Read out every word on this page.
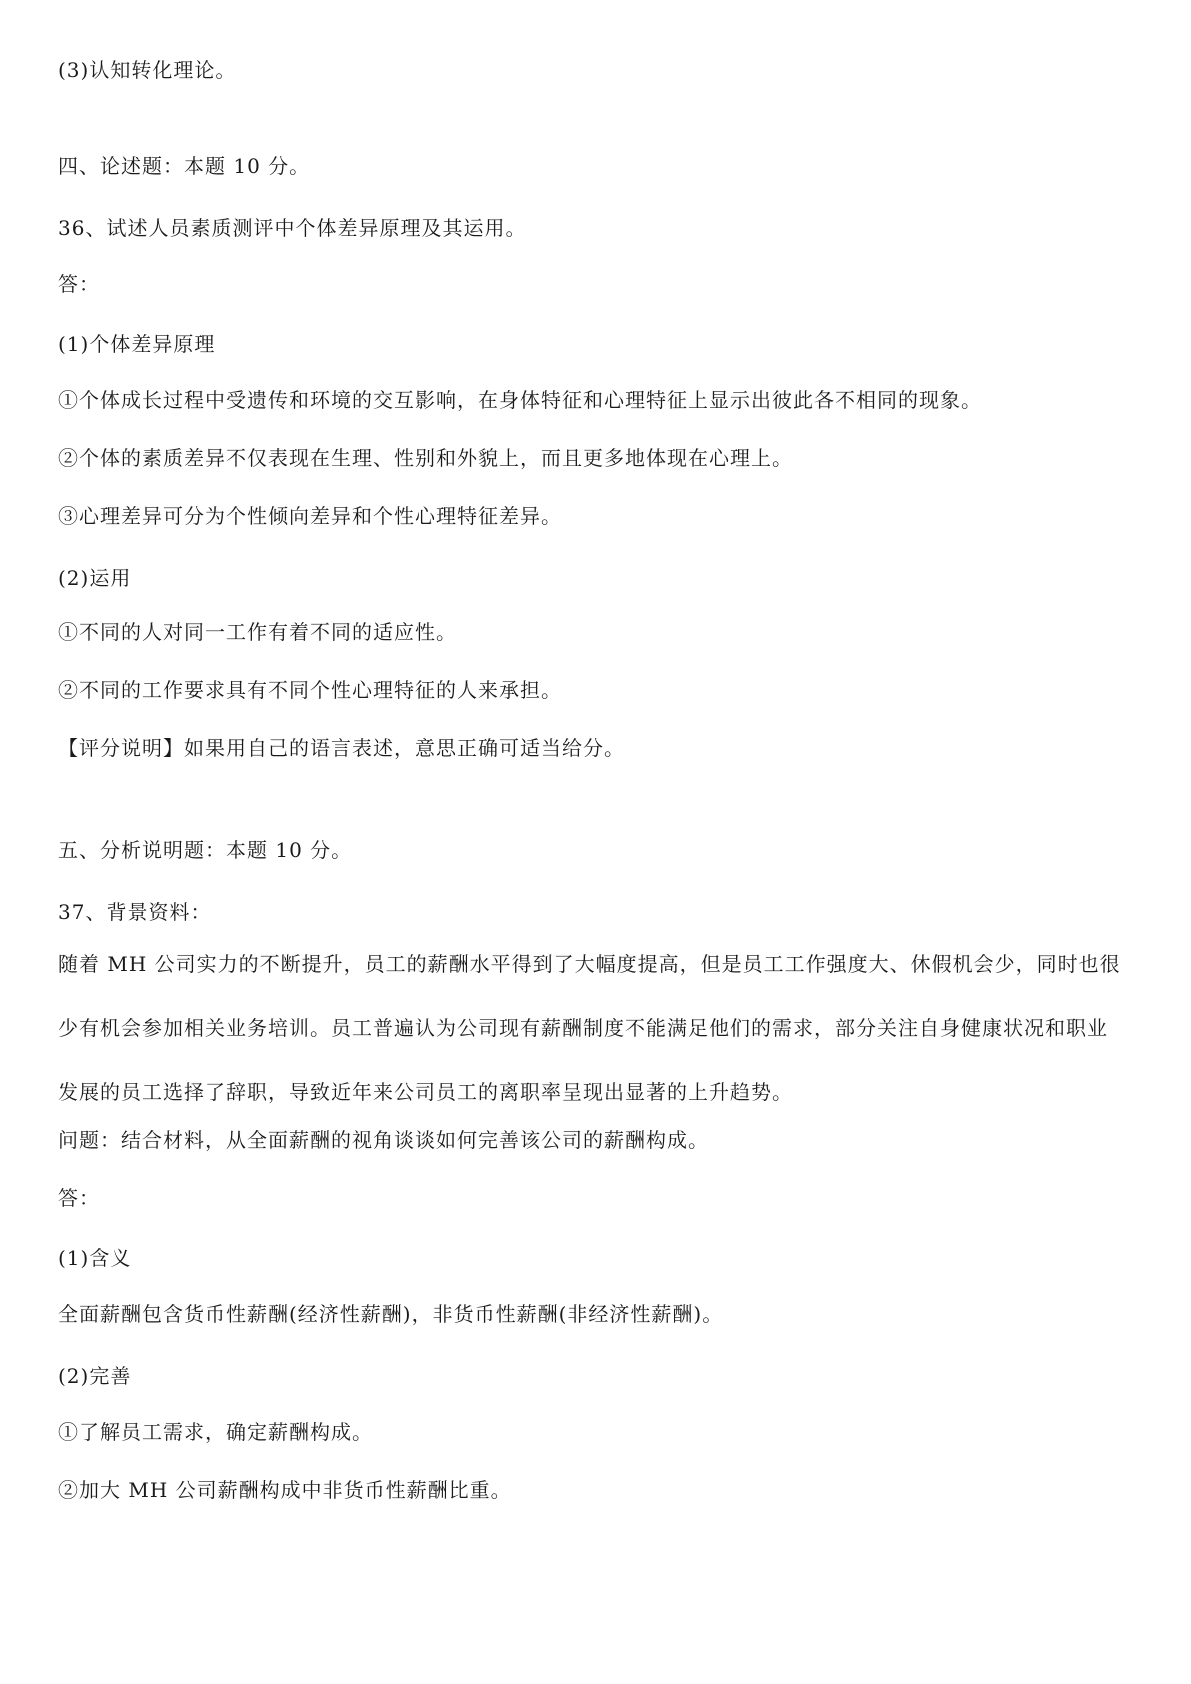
(3)认知转化理论。
四、论述题：本题 10 分。
36、试述人员素质测评中个体差异原理及其运用。
答：
(1)个体差异原理
①个体成长过程中受遗传和环境的交互影响，在身体特征和心理特征上显示出彼此各不相同的现象。
②个体的素质差异不仅表现在生理、性别和外貌上，而且更多地体现在心理上。
③心理差异可分为个性倾向差异和个性心理特征差异。
(2)运用
①不同的人对同一工作有着不同的适应性。
②不同的工作要求具有不同个性心理特征的人来承担。
【评分说明】如果用自己的语言表述，意思正确可适当给分。
五、分析说明题：本题 10 分。
37、背景资料：
随着 MH 公司实力的不断提升，员工的薪酬水平得到了大幅度提高，但是员工工作强度大、休假机会少，同时也很少有机会参加相关业务培训。员工普遍认为公司现有薪酬制度不能满足他们的需求，部分关注自身健康状况和职业发展的员工选择了辞职，导致近年来公司员工的离职率呈现出显著的上升趋势。
问题：结合材料，从全面薪酬的视角谈谈如何完善该公司的薪酬构成。
答：
(1)含义
全面薪酬包含货币性薪酬(经济性薪酬)，非货币性薪酬(非经济性薪酬)。
(2)完善
①了解员工需求，确定薪酬构成。
②加大 MH 公司薪酬构成中非货币性薪酬比重。
